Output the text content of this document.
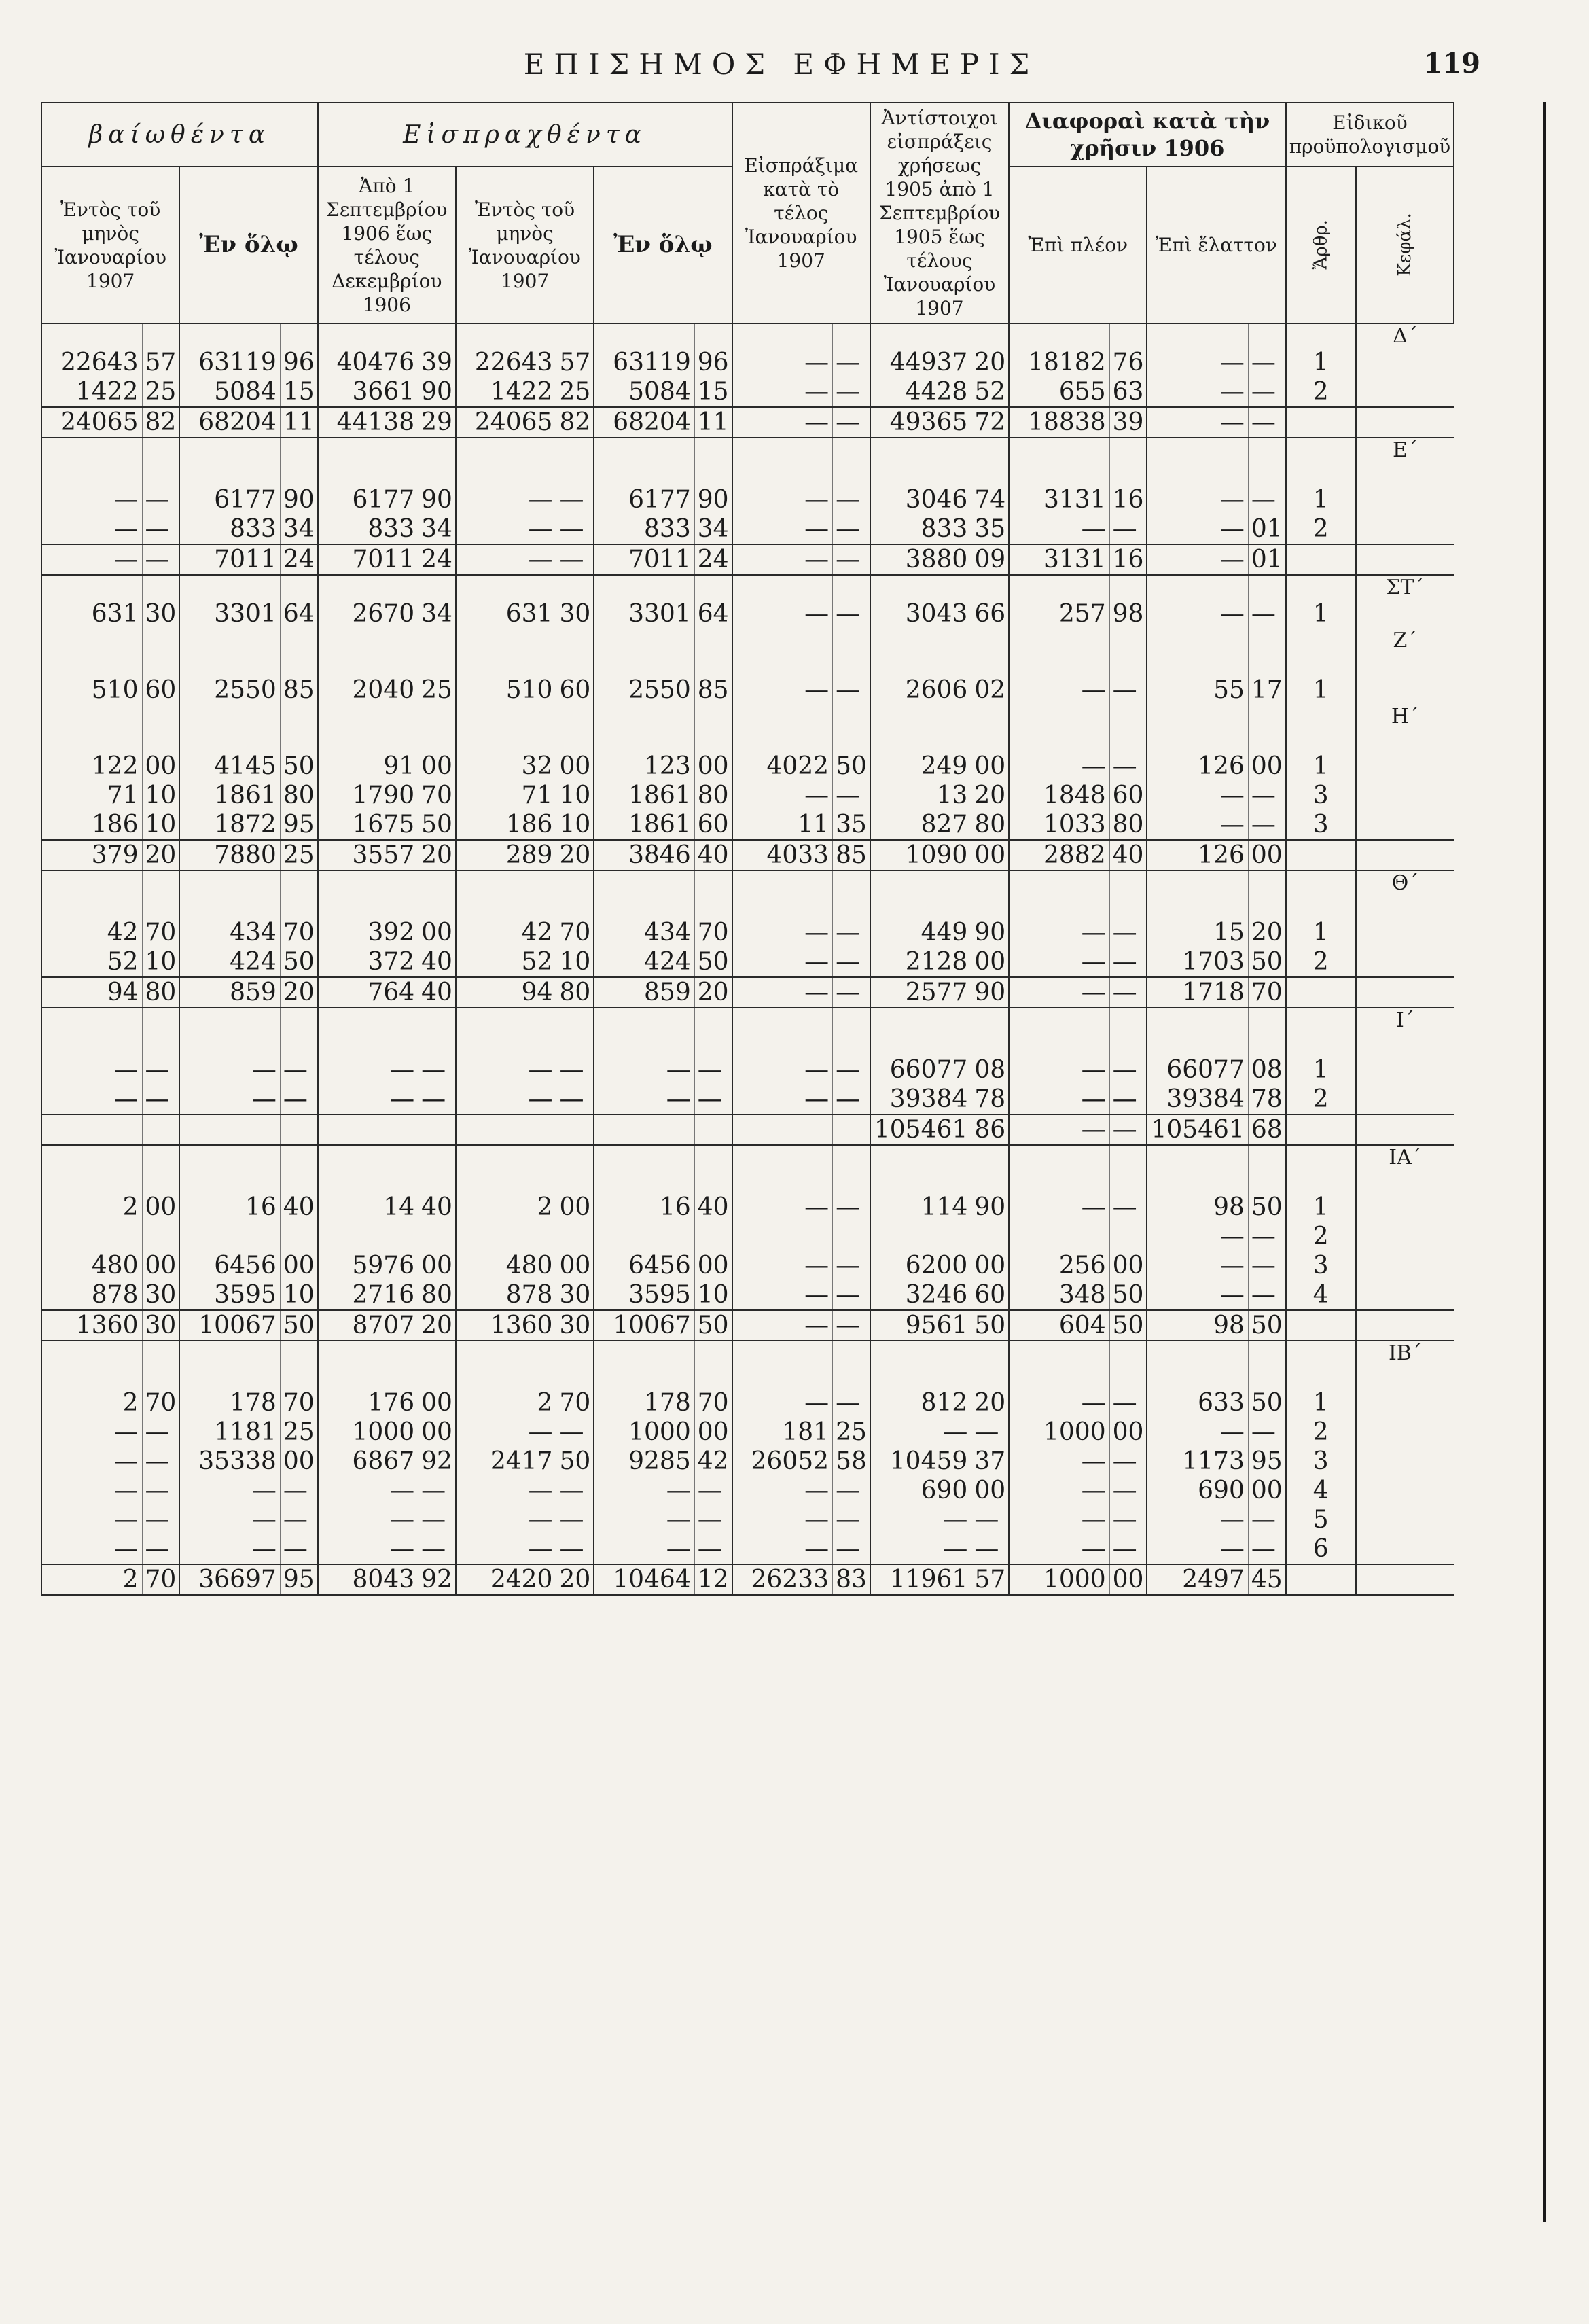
ΕΠΙΣΗΜΟΣ ΕΦΗΜΕΡΙΣ	119
βαίωθέντα				Εἰσπραχθέντα						Εἰσπράξιμα κατὰ τὸ τέλος Ἰανουαρίου 1907		Ἀντίστοιχοι εἰσπράξεις χρήσεως 1905 ἀπὸ 1 Σεπτεμβρίου 1905 ἕως τέλους Ἰανουαρίου 1907		Διαφοραὶ κατὰ τὴν χρῆσιν 1906				Εἰδικοῦ προϋπολογισμοῦ	
Ἐντὸς τοῦ μηνὸς Ἰανουαρίου 1907		Ἐν ὅλῳ		Ἀπὸ 1 Σεπτεμβρίου 1906 ἕως τέλους Δεκεμβρίου 1906		Ἐντὸς τοῦ μηνὸς Ἰανουαρίου 1907		Ἐν ὅλῳ						Ἐπὶ πλέον		Ἐπὶ ἔλαττον		Ἄρθρ.	Κεφάλ.
																			Δ΄
22643	57	63119	96	40476	39	22643	57	63119	96	—	—	44937	20	18182	76	—	—	1	
1422	25	5084	15	3661	90	1422	25	5084	15	—	—	4428	52	655	63	—	—	2	
24065	82	68204	11	44138	29	24065	82	68204	11	—	—	49365	72	18838	39	—	—		
																			Ε΄

—	—	6177	90	6177	90	—	—	6177	90	—	—	3046	74	3131	16	—	—	1	
—	—	833	34	833	34	—	—	833	34	—	—	833	35	—	—	—	01	2	
—	—	7011	24	7011	24	—	—	7011	24	—	—	3880	09	3131	16	—	01		
																			ΣΤ΄
631	30	3301	64	2670	34	631	30	3301	64	—	—	3043	66	257	98	—	—	1	
																			Ζ΄

510	60	2550	85	2040	25	510	60	2550	85	—	—	2606	02	—	—	55	17	1	
																			Η΄

122	00	4145	50	91	00	32	00	123	00	4022	50	249	00	—	—	126	00	1	
71	10	1861	80	1790	70	71	10	1861	80	—	—	13	20	1848	60	—	—	3	
186	10	1872	95	1675	50	186	10	1861	60	11	35	827	80	1033	80	—	—	3	
379	20	7880	25	3557	20	289	20	3846	40	4033	85	1090	00	2882	40	126	00		
																			Θ΄

42	70	434	70	392	00	42	70	434	70	—	—	449	90	—	—	15	20	1	
52	10	424	50	372	40	52	10	424	50	—	—	2128	00	—	—	1703	50	2	
94	80	859	20	764	40	94	80	859	20	—	—	2577	90	—	—	1718	70		
																			Ι΄

—	—	—	—	—	—	—	—	—	—	—	—	66077	08	—	—	66077	08	1	
—	—	—	—	—	—	—	—	—	—	—	—	39384	78	—	—	39384	78	2	
												105461	86	—	—	105461	68		
																			ΙΑ΄

2	00	16	40	14	40	2	00	16	40	—	—	114	90	—	—	98	50	1	
																—	—	2	
480	00	6456	00	5976	00	480	00	6456	00	—	—	6200	00	256	00	—	—	3	
878	30	3595	10	2716	80	878	30	3595	10	—	—	3246	60	348	50	—	—	4	
1360	30	10067	50	8707	20	1360	30	10067	50	—	—	9561	50	604	50	98	50		
																			ΙΒ΄

2	70	178	70	176	00	2	70	178	70	—	—	812	20	—	—	633	50	1	
—	—	1181	25	1000	00	—	—	1000	00	181	25	—	—	1000	00	—	—	2	
—	—	35338	00	6867	92	2417	50	9285	42	26052	58	10459	37	—	—	1173	95	3	
—	—	—	—	—	—	—	—	—	—	—	—	690	00	—	—	690	00	4	
—	—	—	—	—	—	—	—	—	—	—	—	—	—	—	—	—	—	5	
—	—	—	—	—	—	—	—	—	—	—	—	—	—	—	—	—	—	6	
2	70	36697	95	8043	92	2420	20	10464	12	26233	83	11961	57	1000	00	2497	45		
